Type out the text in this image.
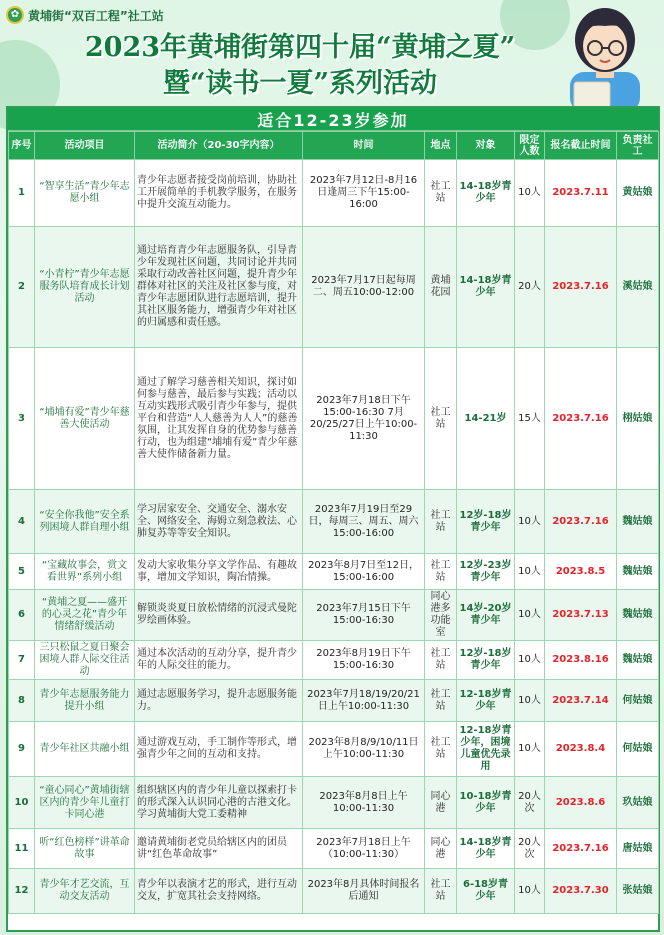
✿ 黄埔街“双百工程”社工站
2023年黄埔街第四十届“黄埔之夏”
暨“读书一夏”系列活动
适合12-23岁参加
序号	活动项目	活动简介（20-30字内容）	时间	地点	对象	限定人数	报名截止时间	负责社工
1	“智享生活”青少年志愿小组	青少年志愿者接受岗前培训，协助社工开展简单的手机教学服务，在服务中提升交流互动能力。	2023年7月12日-8月16日逢周三下午15:00-16:00	社工站	14-18岁青少年	10人	2023.7.11	黄姑娘
2	“小青柠”青少年志愿服务队培育成长计划活动	通过培育青少年志愿服务队，引导青少年发现社区问题，共同讨论并共同采取行动改善社区问题，提升青少年群体对社区的关注及社区参与度，对青少年志愿团队进行志愿培训，提升其社区服务能力，增强青少年对社区的归属感和责任感。	2023年7月17日起每周二、周五10:00-12:00	黄埔花园	14-18岁青少年	20人	2023.7.16	溪姑娘
3	“埔埔有爱”青少年慈善大使活动	通过了解学习慈善相关知识，探讨如何参与慈善，最后参与实践；活动以互动实践形式吸引青少年参与，提供平台和营造“人人慈善为人人”的慈善氛围，让其发挥自身的优势参与慈善行动，也为组建“埔埔有爱”青少年慈善大使作储备新力量。	2023年7月18日下午15:00-16:30 7月20/25/27日上午10:00-11:30	社工站	14-21岁	15人	2023.7.16	栩姑娘
4	“安全你我他”安全系列困境人群自理小组	学习居家安全、交通安全、溺水安全、网络安全、海姆立刻急救法、心肺复苏等等安全知识。	2023年7月19日至29日，每周三、周五、周六 15:00-16:00	社工站	12岁-18岁青少年	10人	2023.7.16	魏姑娘
5	“宝藏故事会，赏文看世界”系列小组	发动大家收集分享文学作品、有趣故事，增加文学知识，陶冶情操。	2023年8月7日至12日，15:00-16:00	社工站	12岁-23岁青少年	10人	2023.8.5	魏姑娘
6	“黄埔之夏——盛开的心灵之花”青少年情绪舒缓活动	解锁炎炎夏日放松情绪的沉浸式曼陀罗绘画体验。	2023年7月15日下午15:00-16:30	同心港多功能室	14岁-20岁青少年	10人	2023.7.13	魏姑娘
7	三只松鼠之夏日聚会困境人群人际交往活动	通过本次活动的互动分享，提升青少年的人际交往的能力。	2023年8月19日下午15:00-16:30	社工站	12岁-18岁青少年	10人	2023.8.16	魏姑娘
8	青少年志愿服务能力提升小组	通过志愿服务学习，提升志愿服务能力。	2023年7月18/19/20/21日上午10:00-11:30	社工站	12-18岁青少年	10人	2023.7.14	何姑娘
9	青少年社区共融小组	通过游戏互动，手工制作等形式，增强青少年之间的互动和支持。	2023年8月8/9/10/11日上午10:00-11:30	社工站	12-18岁青少年，困境儿童优先录用	10人	2023.8.4	何姑娘
10	“童心同心”黄埔街辖区内的青少年儿童打卡同心港	组织辖区内的青少年儿童以探索打卡的形式深入认识同心港的古港文化。学习黄埔街大党工委精神	2023年8月8日上午10:00-11:30	同心港	10-18岁青少年	20人次	2023.8.6	玖姑娘
11	听“红色榜样”讲革命故事	邀请黄埔街老党员给辖区内的团员讲“红色革命故事”	2023年7月18日上午（10:00-11:30）	同心港	14-18岁青少年	20人次	2023.7.16	唐姑娘
12	青少年才艺交流，互动交友活动	青少年以表演才艺的形式，进行互动交友，扩宽其社会支持网络。	2023年8月具体时间报名后通知	社工站	6-18岁青少年	10人	2023.7.30	张姑娘
